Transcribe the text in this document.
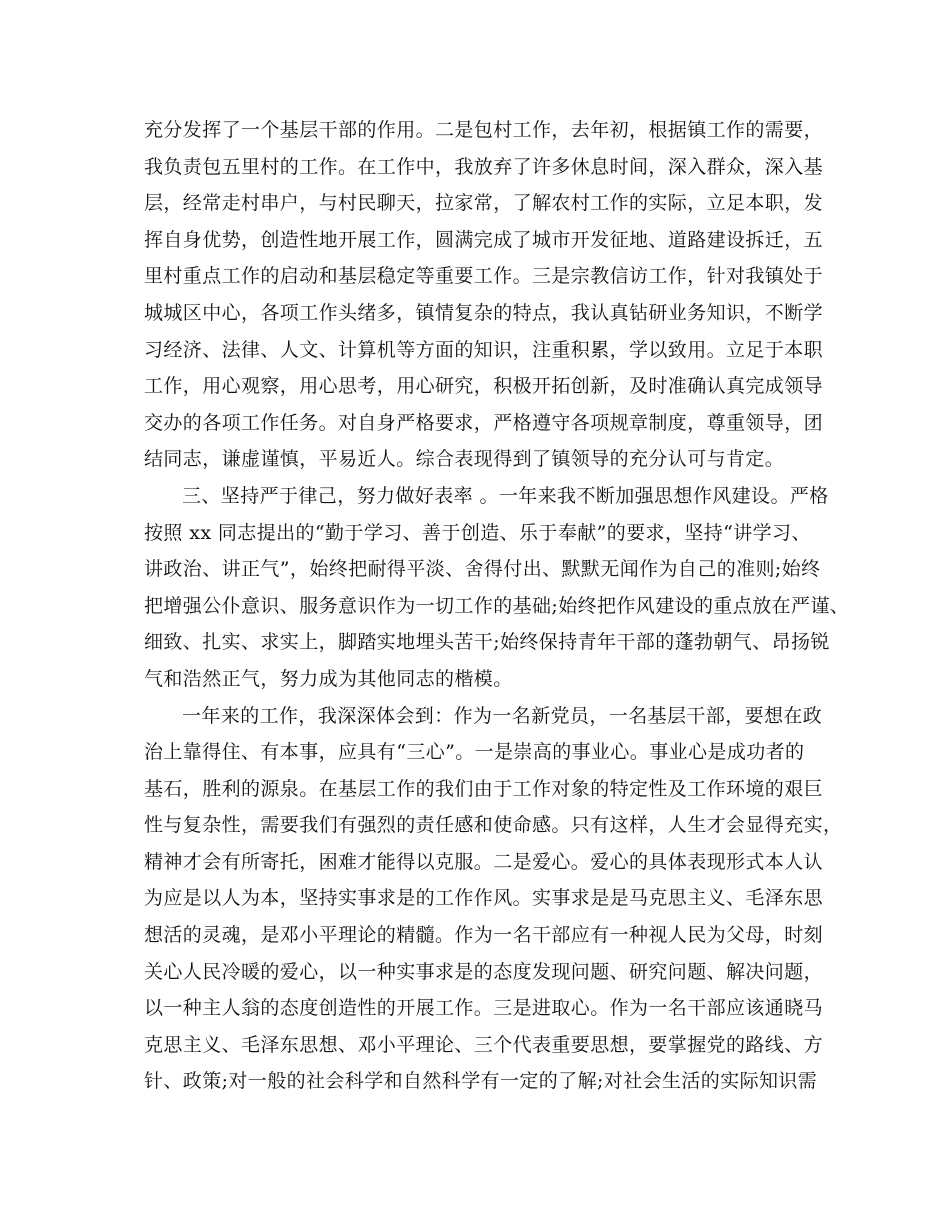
充分发挥了一个基层干部的作用。二是包村工作，去年初，根据镇工作的需要，
我负责包五里村的工作。在工作中，我放弃了许多休息时间，深入群众，深入基
层，经常走村串户，与村民聊天，拉家常，了解农村工作的实际，立足本职，发
挥自身优势，创造性地开展工作，圆满完成了城市开发征地、道路建设拆迁，五
里村重点工作的启动和基层稳定等重要工作。三是宗教信访工作，针对我镇处于
城城区中心，各项工作头绪多，镇情复杂的特点，我认真钻研业务知识，不断学
习经济、法律、人文、计算机等方面的知识，注重积累，学以致用。立足于本职
工作，用心观察，用心思考，用心研究，积极开拓创新，及时准确认真完成领导
交办的各项工作任务。对自身严格要求，严格遵守各项规章制度，尊重领导，团
结同志，谦虚谨慎，平易近人。综合表现得到了镇领导的充分认可与肯定。
三、坚持严于律己，努力做好表率 。一年来我不断加强思想作风建设。严格
按照 xx 同志提出的“勤于学习、善于创造、乐于奉献”的要求，坚持“讲学习、
讲政治、讲正气”，始终把耐得平淡、舍得付出、默默无闻作为自己的准则;始终
把增强公仆意识、服务意识作为一切工作的基础;始终把作风建设的重点放在严谨、
细致、扎实、求实上，脚踏实地埋头苦干;始终保持青年干部的蓬勃朝气、昂扬锐
气和浩然正气，努力成为其他同志的楷模。
一年来的工作，我深深体会到：作为一名新党员，一名基层干部，要想在政
治上靠得住、有本事，应具有“三心”。一是崇高的事业心。事业心是成功者的
基石，胜利的源泉。在基层工作的我们由于工作对象的特定性及工作环境的艰巨
性与复杂性，需要我们有强烈的责任感和使命感。只有这样，人生才会显得充实，
精神才会有所寄托，困难才能得以克服。二是爱心。爱心的具体表现形式本人认
为应是以人为本，坚持实事求是的工作作风。实事求是是马克思主义、毛泽东思
想活的灵魂，是邓小平理论的精髓。作为一名干部应有一种视人民为父母，时刻
关心人民冷暖的爱心，以一种实事求是的态度发现问题、研究问题、解决问题，
以一种主人翁的态度创造性的开展工作。三是进取心。作为一名干部应该通晓马
克思主义、毛泽东思想、邓小平理论、三个代表重要思想，要掌握党的路线、方
针、政策;对一般的社会科学和自然科学有一定的了解;对社会生活的实际知识需
